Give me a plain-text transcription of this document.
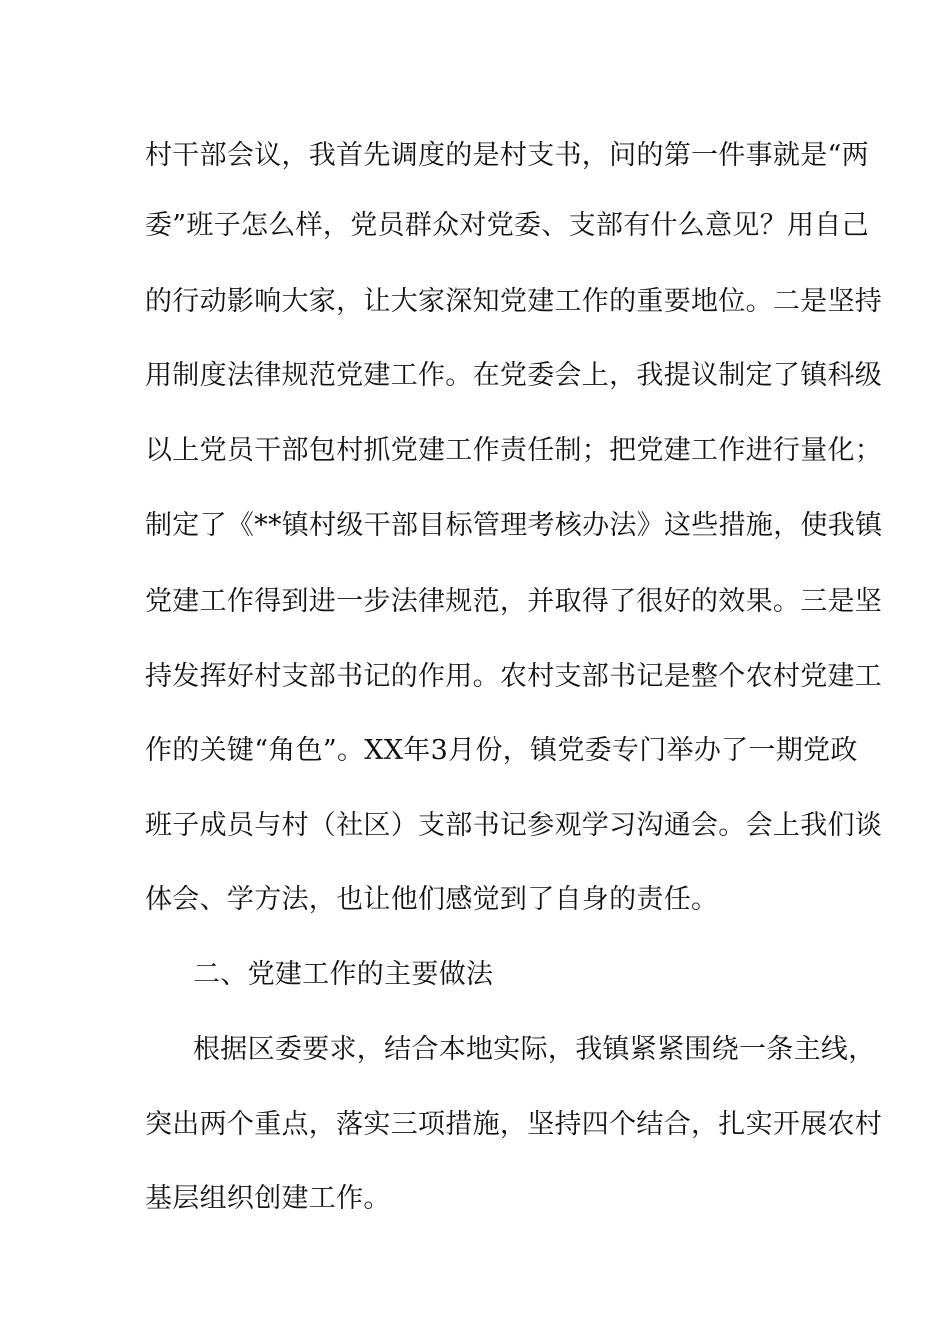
村干部会议，我首先调度的是村支书，问的第一件事就是“两
委”班子怎么样，党员群众对党委、支部有什么意见？用自己
的行动影响大家，让大家深知党建工作的重要地位。二是坚持
用制度法律规范党建工作。在党委会上，我提议制定了镇科级
以上党员干部包村抓党建工作责任制；把党建工作进行量化；
制定了《**镇村级干部目标管理考核办法》这些措施，使我镇
党建工作得到进一步法律规范，并取得了很好的效果。三是坚
持发挥好村支部书记的作用。农村支部书记是整个农村党建工
作的关键“角色”。XX年3月份，镇党委专门举办了一期党政
班子成员与村（社区）支部书记参观学习沟通会。会上我们谈
体会、学方法，也让他们感觉到了自身的责任。
二、党建工作的主要做法
根据区委要求，结合本地实际，我镇紧紧围绕一条主线，
突出两个重点，落实三项措施，坚持四个结合，扎实开展农村
基层组织创建工作。
